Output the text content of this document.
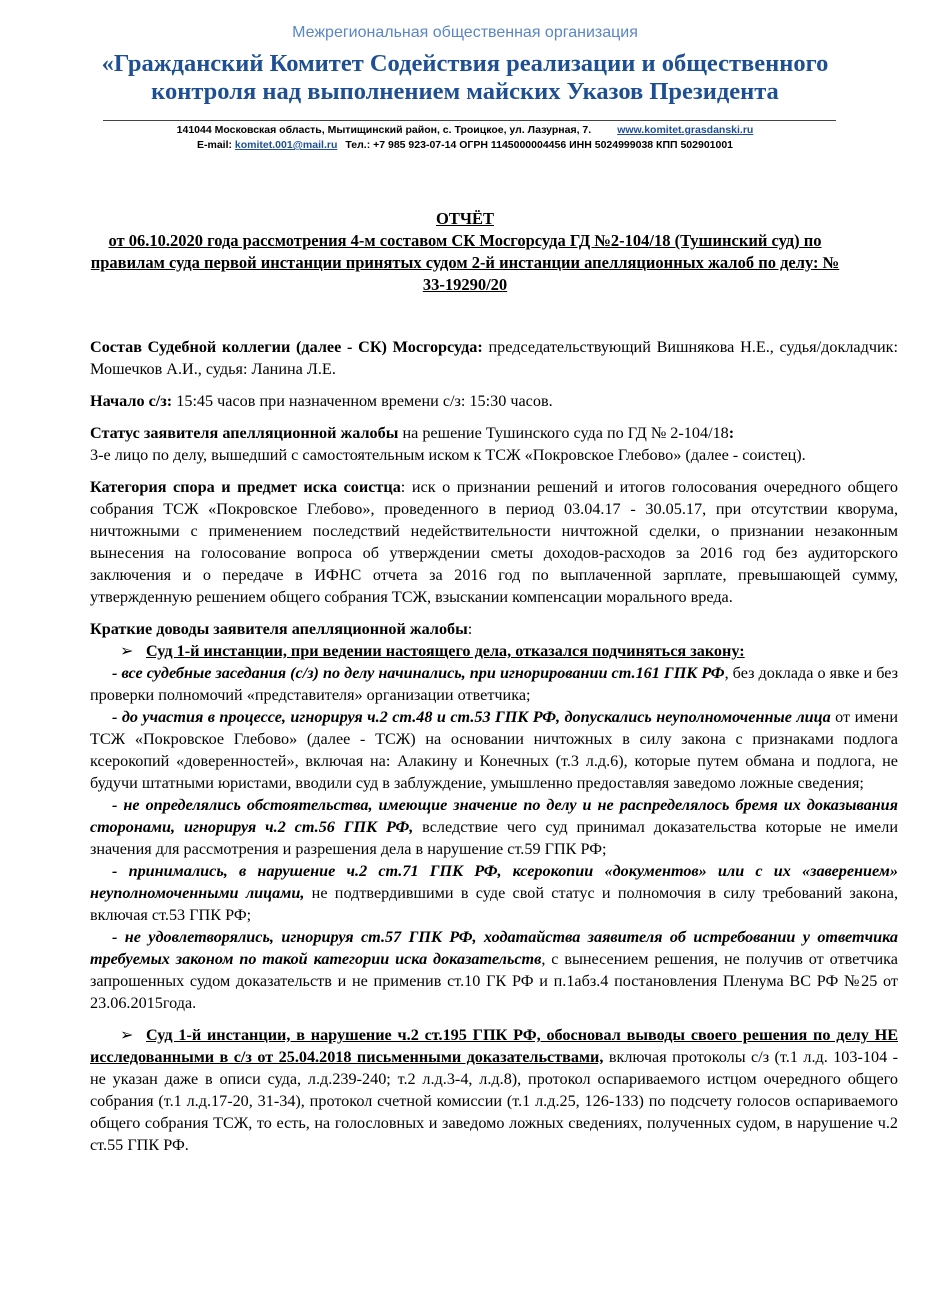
Межрегиональная общественная организация
«Гражданский Комитет Содействия реализации и общественного контроля над выполнением майских Указов Президента
141044 Московская область, Мытищинский район, с. Троицкое, ул. Лазурная, 7. www.komitet.grasdanski.ru
E-mail: komitet.001@mail.ru Тел.: +7 985 923-07-14 ОГРН 1145000004456 ИНН 5024999038 КПП 502901001
ОТЧЁТ
от 06.10.2020 года рассмотрения 4-м составом СК Мосгорсуда ГД №2-104/18 (Тушинский суд) по правилам суда первой инстанции принятых судом 2-й инстанции апелляционных жалоб по делу: № 33-19290/20

Состав Судебной коллегии (далее - СК) Мосгорсуда: председательствующий Вишнякова Н.Е., судья/докладчик: Мошечков А.И., судья: Ланина Л.Е.

Начало с/з: 15:45 часов при назначенном времени с/з: 15:30 часов.

Статус заявителя апелляционной жалобы на решение Тушинского суда по ГД № 2-104/18:
3-е лицо по делу, вышедший с самостоятельным иском к ТСЖ «Покровское Глебово» (далее - соистец).

Категория спора и предмет иска соистца: иск о признании решений и итогов голосования очередного общего собрания ТСЖ «Покровское Глебово», проведенного в период 03.04.17 - 30.05.17, при отсутствии кворума, ничтожными с применением последствий недействительности ничтожной сделки, о признании незаконным вынесения на голосование вопроса об утверждении сметы доходов-расходов за 2016 год без аудиторского заключения и о передаче в ИФНС отчета за 2016 год по выплаченной зарплате, превышающей сумму, утвержденную решением общего собрания ТСЖ, взыскании компенсации морального вреда.

Краткие доводы заявителя апелляционной жалобы:

➢ Суд 1-й инстанции, при ведении настоящего дела, отказался подчиняться закону:

- все судебные заседания (с/з) по делу начинались, при игнорировании ст.161 ГПК РФ, без доклада о явке и без проверки полномочий «представителя» организации ответчика;

- до участия в процессе, игнорируя ч.2 ст.48 и ст.53 ГПК РФ, допускались неуполномоченные лица от имени ТСЖ «Покровское Глебово» (далее - ТСЖ) на основании ничтожных в силу закона с признаками подлога ксерокопий «доверенностей», включая на: Алакину и Конечных (т.3 л.д.6), которые путем обмана и подлога, не будучи штатными юристами, вводили суд в заблуждение, умышленно предоставляя заведомо ложные сведения;

- не определялись обстоятельства, имеющие значение по делу и не распределялось бремя их доказывания сторонами, игнорируя ч.2 ст.56 ГПК РФ, вследствие чего суд принимал доказательства которые не имели значения для рассмотрения и разрешения дела в нарушение ст.59 ГПК РФ;

- принимались, в нарушение ч.2 ст.71 ГПК РФ, ксерокопии «документов» или с их «заверением» неуполномоченными лицами, не подтвердившими в суде свой статус и полномочия в силу требований закона, включая ст.53 ГПК РФ;

- не удовлетворялись, игнорируя ст.57 ГПК РФ, ходатайства заявителя об истребовании у ответчика требуемых законом по такой категории иска доказательств, с вынесением решения, не получив от ответчика запрошенных судом доказательств и не применив ст.10 ГК РФ и п.1абз.4 постановления Пленума ВС РФ №25 от 23.06.2015года.

➢ Суд 1-й инстанции, в нарушение ч.2 ст.195 ГПК РФ, обосновал выводы своего решения по делу НЕ исследованными в с/з от 25.04.2018 письменными доказательствами, включая протоколы с/з (т.1 л.д. 103-104 - не указан даже в описи суда, л.д.239-240; т.2 л.д.3-4, л.д.8), протокол оспариваемого истцом очередного общего собрания (т.1 л.д.17-20, 31-34), протокол счетной комиссии (т.1 л.д.25, 126-133) по подсчету голосов оспариваемого общего собрания ТСЖ, то есть, на голословных и заведомо ложных сведениях, полученных судом, в нарушение ч.2 ст.55 ГПК РФ.
